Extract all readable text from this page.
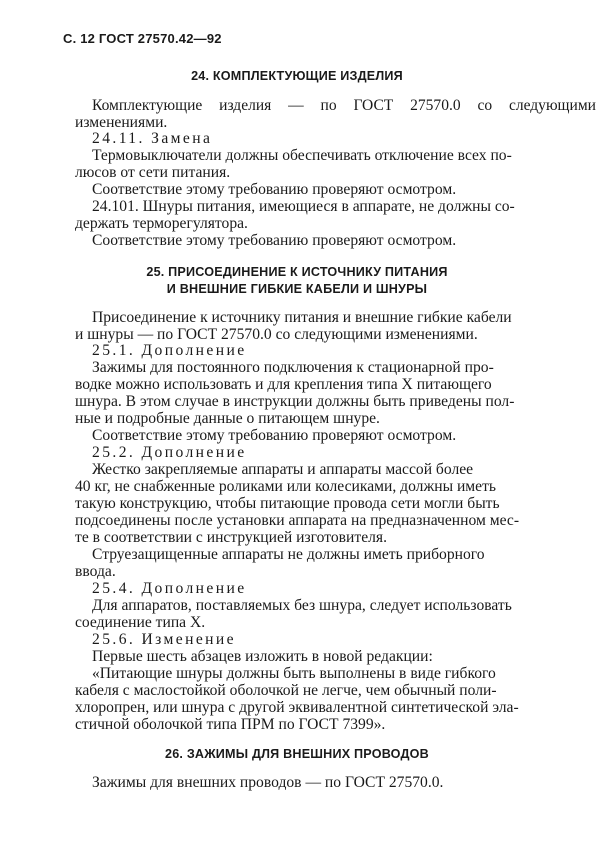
С. 12 ГОСТ 27570.42—92
24. КОМПЛЕКТУЮЩИЕ ИЗДЕЛИЯ
Комплектующие изделия — по ГОСТ 27570.0 со следующими
изменениями.
24.11. Замена
Термовыключатели должны обеспечивать отключение всех по-
люсов от сети питания.
Соответствие этому требованию проверяют осмотром.
24.101. Шнуры питания, имеющиеся в аппарате, не должны со-
держать терморегулятора.
Соответствие этому требованию проверяют осмотром.
25. ПРИСОЕДИНЕНИЕ К ИСТОЧНИКУ ПИТАНИЯ
И ВНЕШНИЕ ГИБКИЕ КАБЕЛИ И ШНУРЫ
Присоединение к источнику питания и внешние гибкие кабели
и шнуры — по ГОСТ 27570.0 со следующими изменениями.
25.1. Дополнение
Зажимы для постоянного подключения к стационарной про-
водке можно использовать и для крепления типа X питающего
шнура. В этом случае в инструкции должны быть приведены пол-
ные и подробные данные о питающем шнуре.
Соответствие этому требованию проверяют осмотром.
25.2. Дополнение
Жестко закрепляемые аппараты и аппараты массой более
40 кг, не снабженные роликами или колесиками, должны иметь
такую конструкцию, чтобы питающие провода сети могли быть
подсоединены после установки аппарата на предназначенном мес-
те в соответствии с инструкцией изготовителя.
Струезащищенные аппараты не должны иметь приборного
ввода.
25.4. Дополнение
Для аппаратов, поставляемых без шнура, следует использовать
соединение типа X.
25.6. Изменение
Первые шесть абзацев изложить в новой редакции:
«Питающие шнуры должны быть выполнены в виде гибкого
кабеля с маслостойкой оболочкой не легче, чем обычный поли-
хлоропрен, или шнура с другой эквивалентной синтетической эла-
стичной оболочкой типа ПРМ по ГОСТ 7399».
26. ЗАЖИМЫ ДЛЯ ВНЕШНИХ ПРОВОДОВ
Зажимы для внешних проводов — по ГОСТ 27570.0.
